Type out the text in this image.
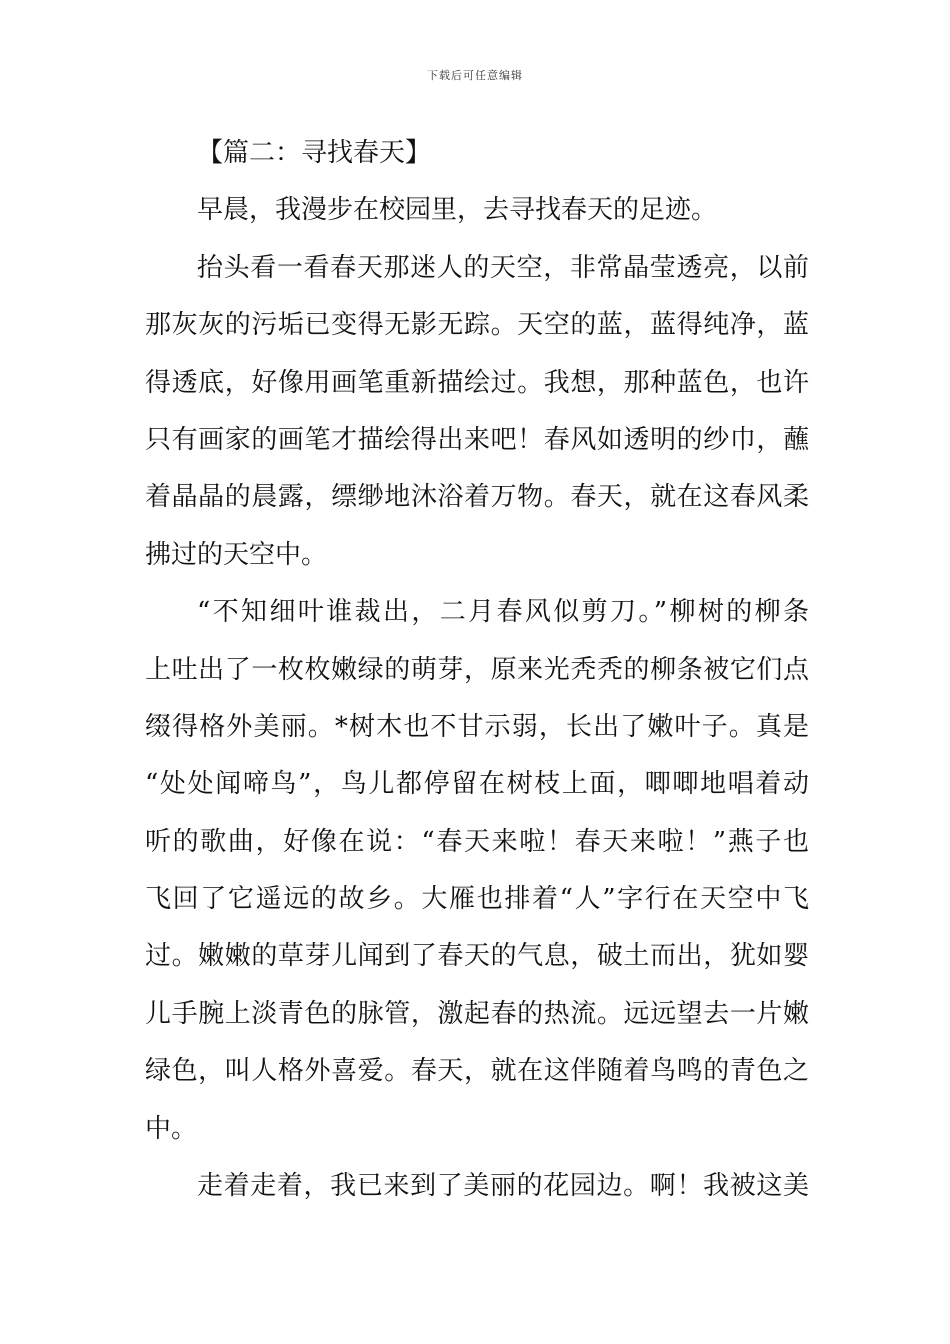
下载后可任意编辑
【篇二：寻找春天】
早晨，我漫步在校园里，去寻找春天的足迹。
抬头看一看春天那迷人的天空，非常晶莹透亮，以前
那灰灰的污垢已变得无影无踪。天空的蓝，蓝得纯净，蓝
得透底，好像用画笔重新描绘过。我想，那种蓝色，也许
只有画家的画笔才描绘得出来吧！春风如透明的纱巾，蘸
着晶晶的晨露，缥缈地沐浴着万物。春天，就在这春风柔
拂过的天空中。
“不知细叶谁裁出，二月春风似剪刀。”柳树的柳条
上吐出了一枚枚嫩绿的萌芽，原来光秃秃的柳条被它们点
缀得格外美丽。*树木也不甘示弱，长出了嫩叶子。真是
“处处闻啼鸟”，鸟儿都停留在树枝上面，唧唧地唱着动
听的歌曲，好像在说：“春天来啦！春天来啦！”燕子也
飞回了它遥远的故乡。大雁也排着“人”字行在天空中飞
过。嫩嫩的草芽儿闻到了春天的气息，破土而出，犹如婴
儿手腕上淡青色的脉管，激起春的热流。远远望去一片嫩
绿色，叫人格外喜爱。春天，就在这伴随着鸟鸣的青色之
中。
走着走着，我已来到了美丽的花园边。啊！我被这美
